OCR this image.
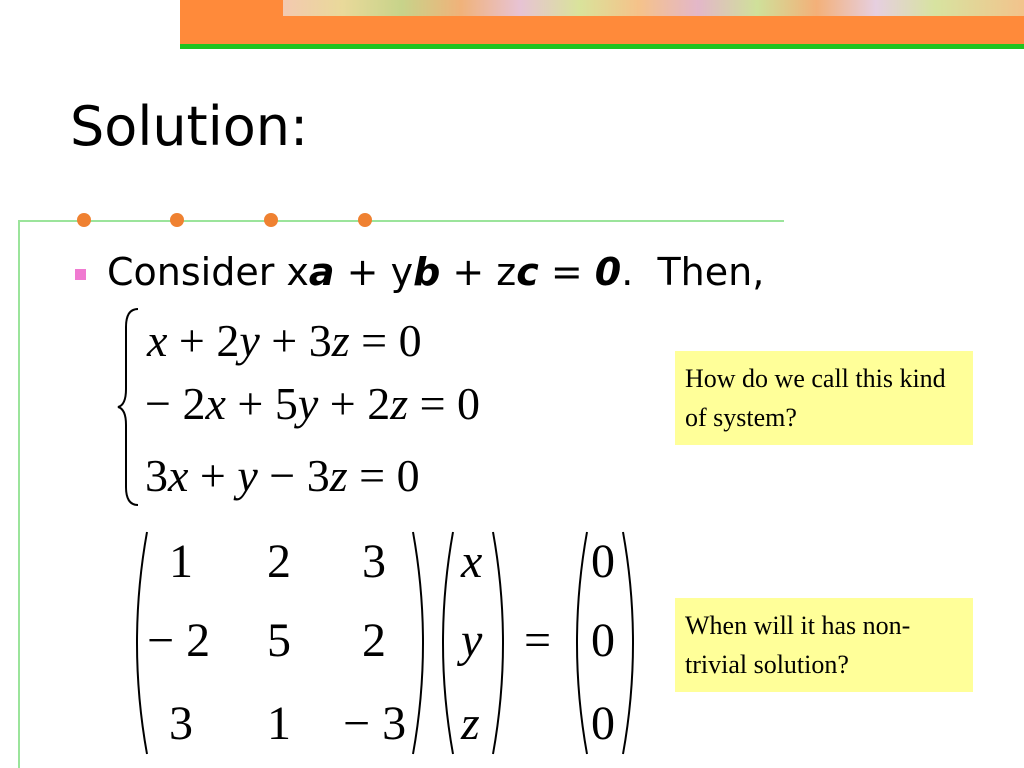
Solution:
Consider xa + yb + zc = 0.  Then,
x + 2y + 3z = 0
− 2x + 5y + 2z = 0
3x + y − 3z = 0
1 2 3
− 2 5 2
3 1 − 3
x
y
z
=
0
0
0
How do we call this kind of system?
When will it has non-trivial solution?
